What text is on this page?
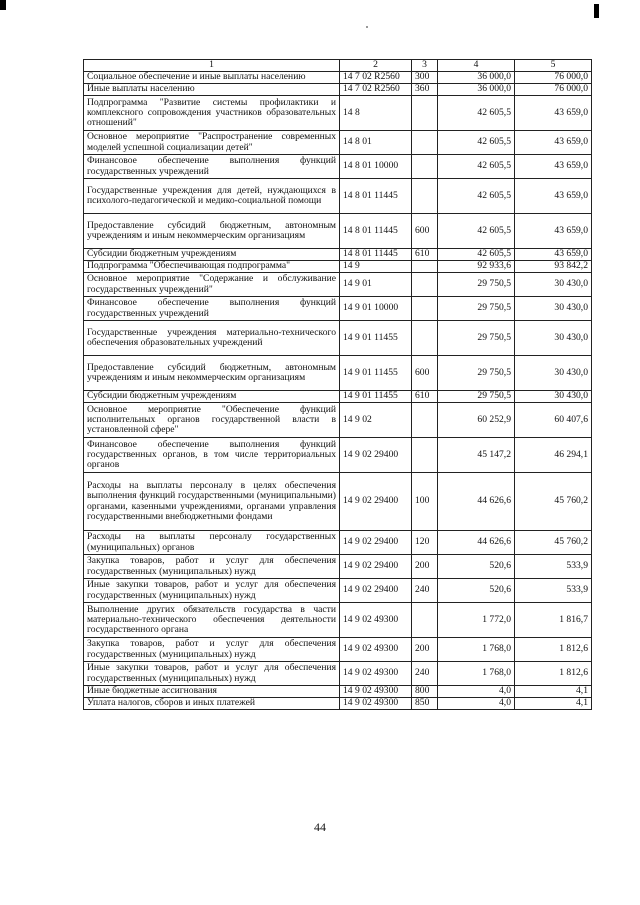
1	2	3	4	5
Социальное обеспечение и иные выплаты населению	14 7 02 R2560	300	36 000,0	76 000,0
Иные выплаты населению	14 7 02 R2560	360	36 000,0	76 000,0
Подпрограмма "Развитие системы профилактики и комплексного сопровождения участников образовательных отношений"	14 8		42 605,5	43 659,0
Основное мероприятие "Распространение современных моделей успешной социализации детей"	14 8 01		42 605,5	43 659,0
Финансовое обеспечение выполнения функций государственных учреждений	14 8 01 10000		42 605,5	43 659,0
Государственные учреждения для детей, нуждающихся в психолого-педагогической и медико-социальной помощи	14 8 01 11445		42 605,5	43 659,0
Предоставление субсидий бюджетным, автономным учреждениям и иным некоммерческим организациям	14 8 01 11445	600	42 605,5	43 659,0
Субсидии бюджетным учреждениям	14 8 01 11445	610	42 605,5	43 659,0
Подпрограмма "Обеспечивающая подпрограмма"	14 9		92 933,6	93 842,2
Основное мероприятие "Содержание и обслуживание государственных учреждений"	14 9 01		29 750,5	30 430,0
Финансовое обеспечение выполнения функций государственных учреждений	14 9 01 10000		29 750,5	30 430,0
Государственные учреждения материально-технического обеспечения образовательных учреждений	14 9 01 11455		29 750,5	30 430,0
Предоставление субсидий бюджетным, автономным учреждениям и иным некоммерческим организациям	14 9 01 11455	600	29 750,5	30 430,0
Субсидии бюджетным учреждениям	14 9 01 11455	610	29 750,5	30 430,0
Основное мероприятие "Обеспечение функций исполнительных органов государственной власти в установленной сфере"	14 9 02		60 252,9	60 407,6
Финансовое обеспечение выполнения функций государственных органов, в том числе территориальных органов	14 9 02 29400		45 147,2	46 294,1
Расходы на выплаты персоналу в целях обеспечения выполнения функций государственными (муниципальными) органами, казенными учреждениями, органами управления государственными внебюджетными фондами	14 9 02 29400	100	44 626,6	45 760,2
Расходы на выплаты персоналу государственных (муниципальных) органов	14 9 02 29400	120	44 626,6	45 760,2
Закупка товаров, работ и услуг для обеспечения государственных (муниципальных) нужд	14 9 02 29400	200	520,6	533,9
Иные закупки товаров, работ и услуг для обеспечения государственных (муниципальных) нужд	14 9 02 29400	240	520,6	533,9
Выполнение других обязательств государства в части материально-технического обеспечения деятельности государственного органа	14 9 02 49300		1 772,0	1 816,7
Закупка товаров, работ и услуг для обеспечения государственных (муниципальных) нужд	14 9 02 49300	200	1 768,0	1 812,6
Иные закупки товаров, работ и услуг для обеспечения государственных (муниципальных) нужд	14 9 02 49300	240	1 768,0	1 812,6
Иные бюджетные ассигнования	14 9 02 49300	800	4,0	4,1
Уплата налогов, сборов и иных платежей	14 9 02 49300	850	4,0	4,1
44
